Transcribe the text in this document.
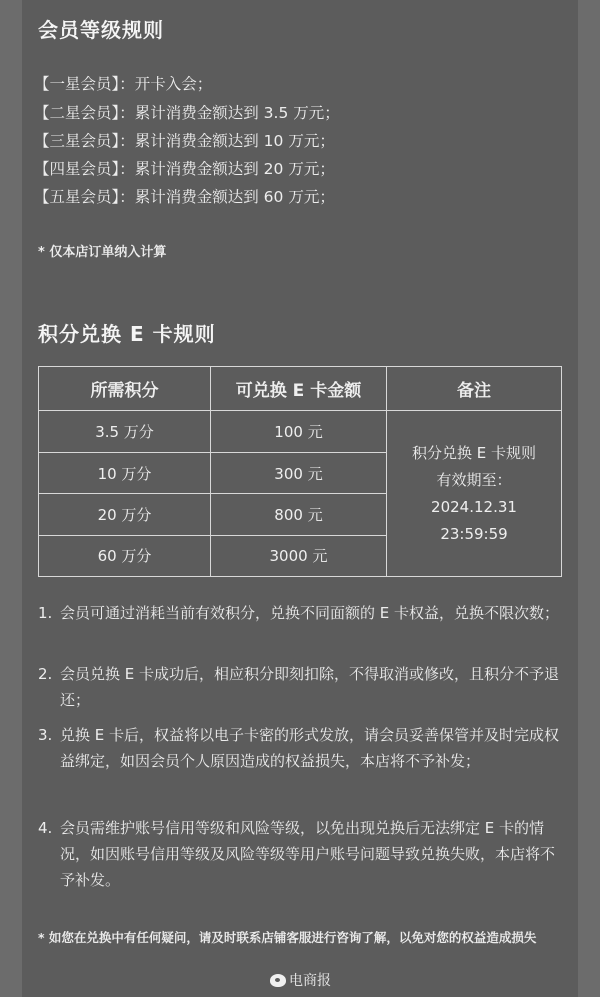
会员等级规则
【一星会员】：开卡入会；
【二星会员】：累计消费金额达到 3.5 万元；
【三星会员】：累计消费金额达到 10 万元；
【四星会员】：累计消费金额达到 20 万元；
【五星会员】：累计消费金额达到 60 万元；
* 仅本店订单纳入计算
积分兑换 E 卡规则
所需积分	可兑换 E 卡金额	备注
3.5 万分	100 元	积分兑换 E 卡规则
有效期至：
2024.12.31
23:59:59

10 万分	300 元	
20 万分	800 元	
60 万分	3000 元	
1. 会员可通过消耗当前有效积分，兑换不同面额的 E 卡权益，兑换不限次数；
2. 会员兑换 E 卡成功后，相应积分即刻扣除，不得取消或修改，且积分不予退还；
3. 兑换 E 卡后，权益将以电子卡密的形式发放，请会员妥善保管并及时完成权益绑定，如因会员个人原因造成的权益损失，本店将不予补发；
4. 会员需维护账号信用等级和风险等级，以免出现兑换后无法绑定 E 卡的情况，如因账号信用等级及风险等级等用户账号问题导致兑换失败，本店将不予补发。
* 如您在兑换中有任何疑问，请及时联系店铺客服进行咨询了解，以免对您的权益造成损失
电商报
